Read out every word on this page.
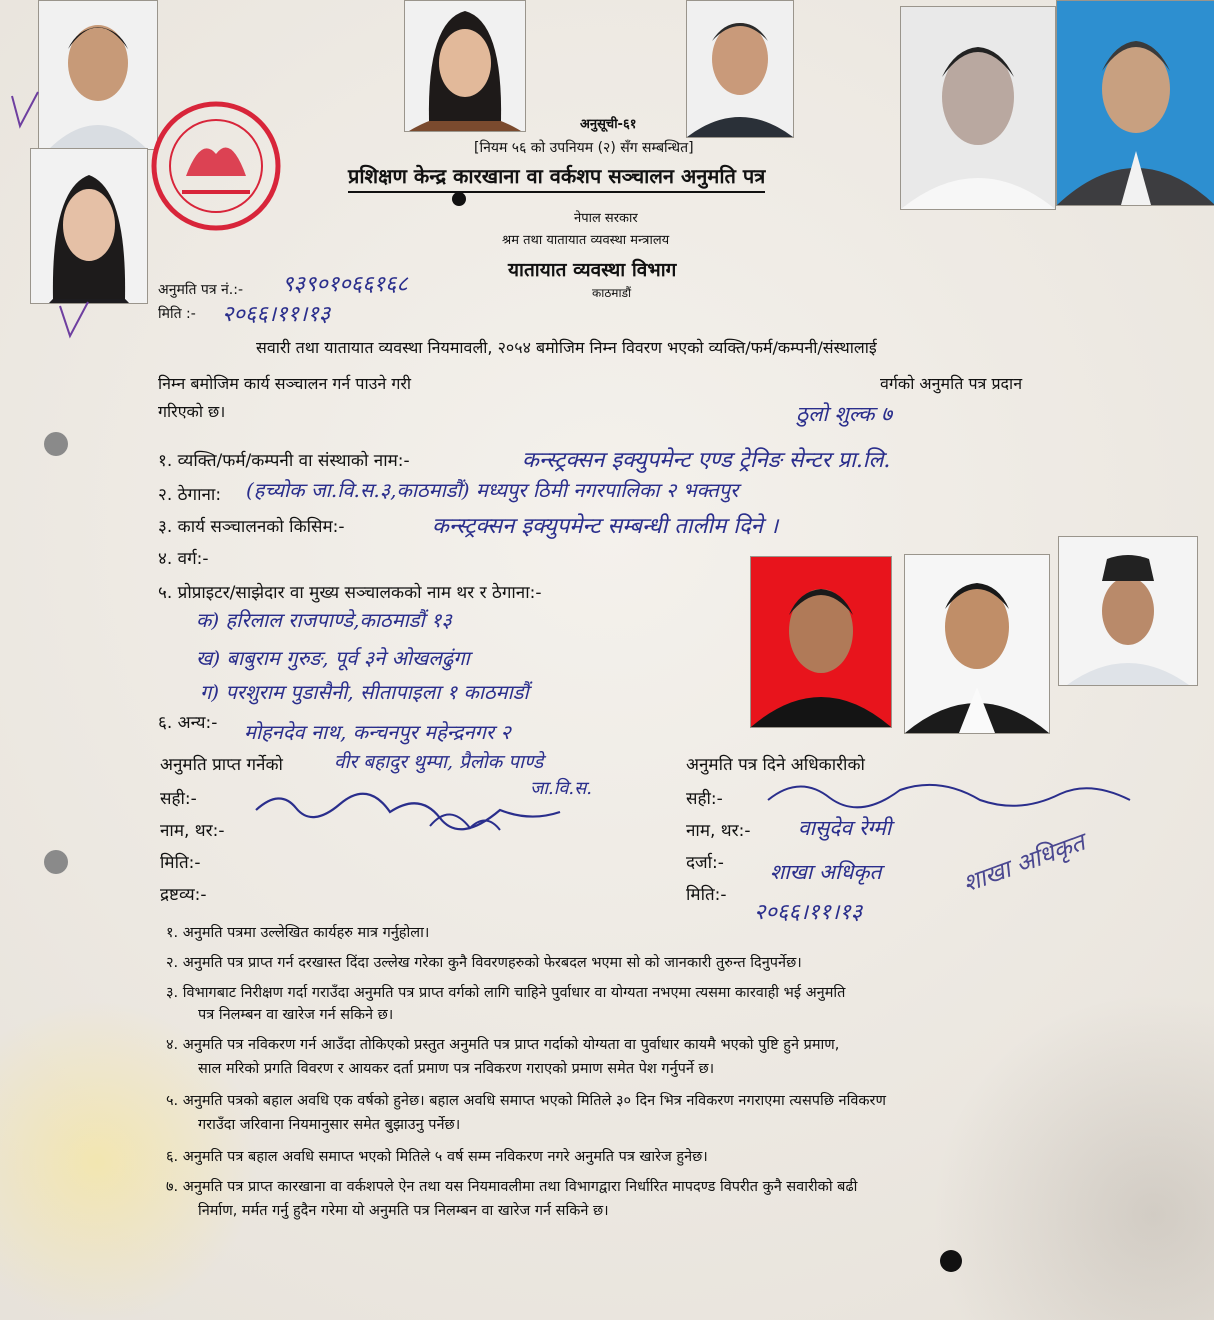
अनुसूची-६१
[नियम ५६ को उपनियम (२) सँग सम्बन्धित]
प्रशिक्षण केन्द्र कारखाना वा वर्कशप सञ्चालन अनुमति पत्र
नेपाल सरकार
श्रम तथा यातायात व्यवस्था मन्त्रालय
यातायात व्यवस्था विभाग
काठमाडौं
अनुमति पत्र नं.:- ९३९०१०६६१६८
मिति :- २०६६।११।१३
सवारी तथा यातायात व्यवस्था नियमावली, २०५४ बमोजिम निम्न विवरण भएको व्यक्ति/फर्म/कम्पनी/संस्थालाई
निम्न बमोजिम कार्य सञ्चालन गर्न पाउने गरी	वर्गको अनुमति पत्र प्रदान
गरिएको छ।	ठुलो शुल्क ७
१. व्यक्ति/फर्म/कम्पनी वा संस्थाको नाम:-	कन्स्ट्रक्सन इक्युपमेन्ट एण्ड ट्रेनिङ सेन्टर प्रा.लि.
२. ठेगाना: (हच्योक जा.वि.स.३,काठमाडौं) मध्यपुर ठिमी नगरपालिका २ भक्तपुर
३. कार्य सञ्चालनको किसिम:-	कन्स्ट्रक्सन इक्युपमेन्ट सम्बन्धी तालीम दिने ।
४. वर्ग:-
५. प्रोप्राइटर/साझेदार वा मुख्य सञ्चालकको नाम थर र ठेगाना:-
क) हरिलाल राजपाण्डे,काठमाडौं १३
ख) बाबुराम गुरुङ, पूर्व ३ने ओखलढुंगा
ग) परशुराम पुडासैनी, सीतापाइला १ काठमाडौं
६. अन्य:- मोहनदेव नाथ, कन्चनपुर महेन्द्रनगर २
अनुमति प्राप्त गर्नेको	वीर बहादुर थुम्पा, प्रैलोक पाण्डे
जा.वि.स.
सही:-
नाम, थर:-
मिति:-
द्रष्टव्य:-
अनुमति पत्र दिने अधिकारीको
सही:-
नाम, थर:- वासुदेव रेग्मी
दर्जा:- शाखा अधिकृत
मिति:-
२०६६।११।१३
शाखा अधिकृत
१. अनुमति पत्रमा उल्लेखित कार्यहरु मात्र गर्नुहोला।
२. अनुमति पत्र प्राप्त गर्न दरखास्त दिंदा उल्लेख गरेका कुनै विवरणहरुको फेरबदल भएमा सो को जानकारी तुरुन्त दिनुपर्नेछ।
३. विभागबाट निरीक्षण गर्दा गराउँदा अनुमति पत्र प्राप्त वर्गको लागि चाहिने पुर्वाधार वा योग्यता नभएमा त्यसमा कारवाही भई अनुमति
पत्र निलम्बन वा खारेज गर्न सकिने छ।
४. अनुमति पत्र नविकरण गर्न आउँदा तोकिएको प्रस्तुत अनुमति पत्र प्राप्त गर्दाको योग्यता वा पुर्वाधार कायमै भएको पुष्टि हुने प्रमाण,
साल मरिको प्रगति विवरण र आयकर दर्ता प्रमाण पत्र नविकरण गराएको प्रमाण समेत पेश गर्नुपर्ने छ।
५. अनुमति पत्रको बहाल अवधि एक वर्षको हुनेछ। बहाल अवधि समाप्त भएको मितिले ३० दिन भित्र नविकरण नगराएमा त्यसपछि नविकरण
गराउँदा जरिवाना नियमानुसार समेत बुझाउनु पर्नेछ।
६. अनुमति पत्र बहाल अवधि समाप्त भएको मितिले ५ वर्ष सम्म नविकरण नगरे अनुमति पत्र खारेज हुनेछ।
७. अनुमति पत्र प्राप्त कारखाना वा वर्कशपले ऐन तथा यस नियमावलीमा तथा विभागद्वारा निर्धारित मापदण्ड विपरीत कुनै सवारीको बढी
निर्माण, मर्मत गर्नु हुदैन गरेमा यो अनुमति पत्र निलम्बन वा खारेज गर्न सकिने छ।
